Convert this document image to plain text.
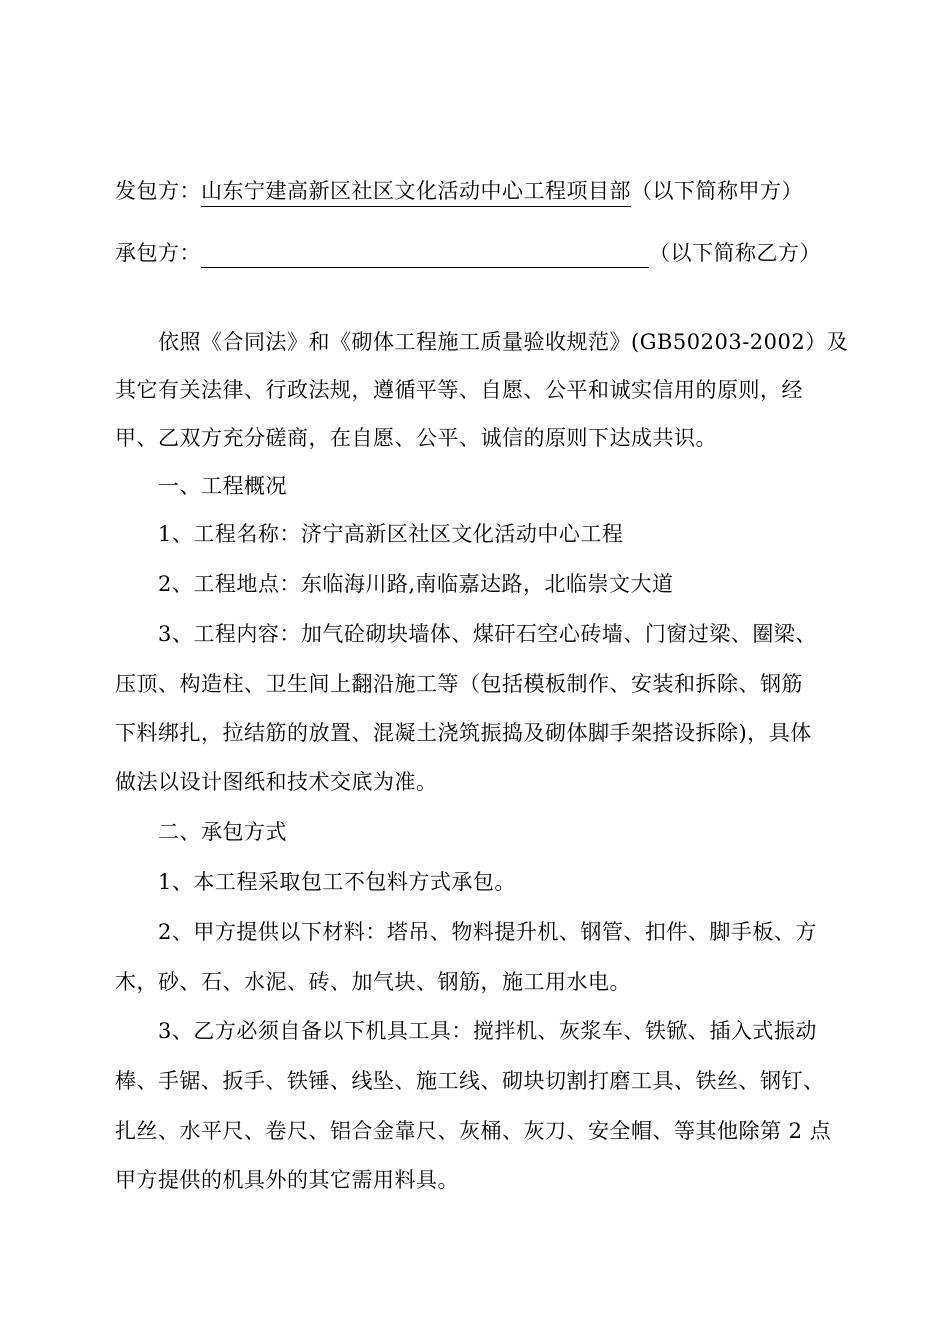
发包方：山东宁建高新区社区文化活动中心工程项目部（以下简称甲方）
承包方：	（以下简称乙方）
依照《合同法》和《砌体工程施工质量验收规范》(GB50203-2002）及
其它有关法律、行政法规，遵循平等、自愿、公平和诚实信用的原则，经
甲、乙双方充分磋商，在自愿、公平、诚信的原则下达成共识。
一、工程概况
1、工程名称：济宁高新区社区文化活动中心工程
2、工程地点：东临海川路,南临嘉达路，北临崇文大道
3、工程内容：加气砼砌块墙体、煤矸石空心砖墙、门窗过梁、圈梁、
压顶、构造柱、卫生间上翻沿施工等（包括模板制作、安装和拆除、钢筋
下料绑扎，拉结筋的放置、混凝土浇筑振捣及砌体脚手架搭设拆除)，具体
做法以设计图纸和技术交底为准。
二、承包方式
1、本工程采取包工不包料方式承包。
2、甲方提供以下材料：塔吊、物料提升机、钢管、扣件、脚手板、方
木，砂、石、水泥、砖、加气块、钢筋，施工用水电。
3、乙方必须自备以下机具工具：搅拌机、灰浆车、铁锨、插入式振动
棒、手锯、扳手、铁锤、线坠、施工线、砌块切割打磨工具、铁丝、钢钉、
扎丝、水平尺、卷尺、铝合金靠尺、灰桶、灰刀、安全帽、等其他除第 2 点
甲方提供的机具外的其它需用料具。
